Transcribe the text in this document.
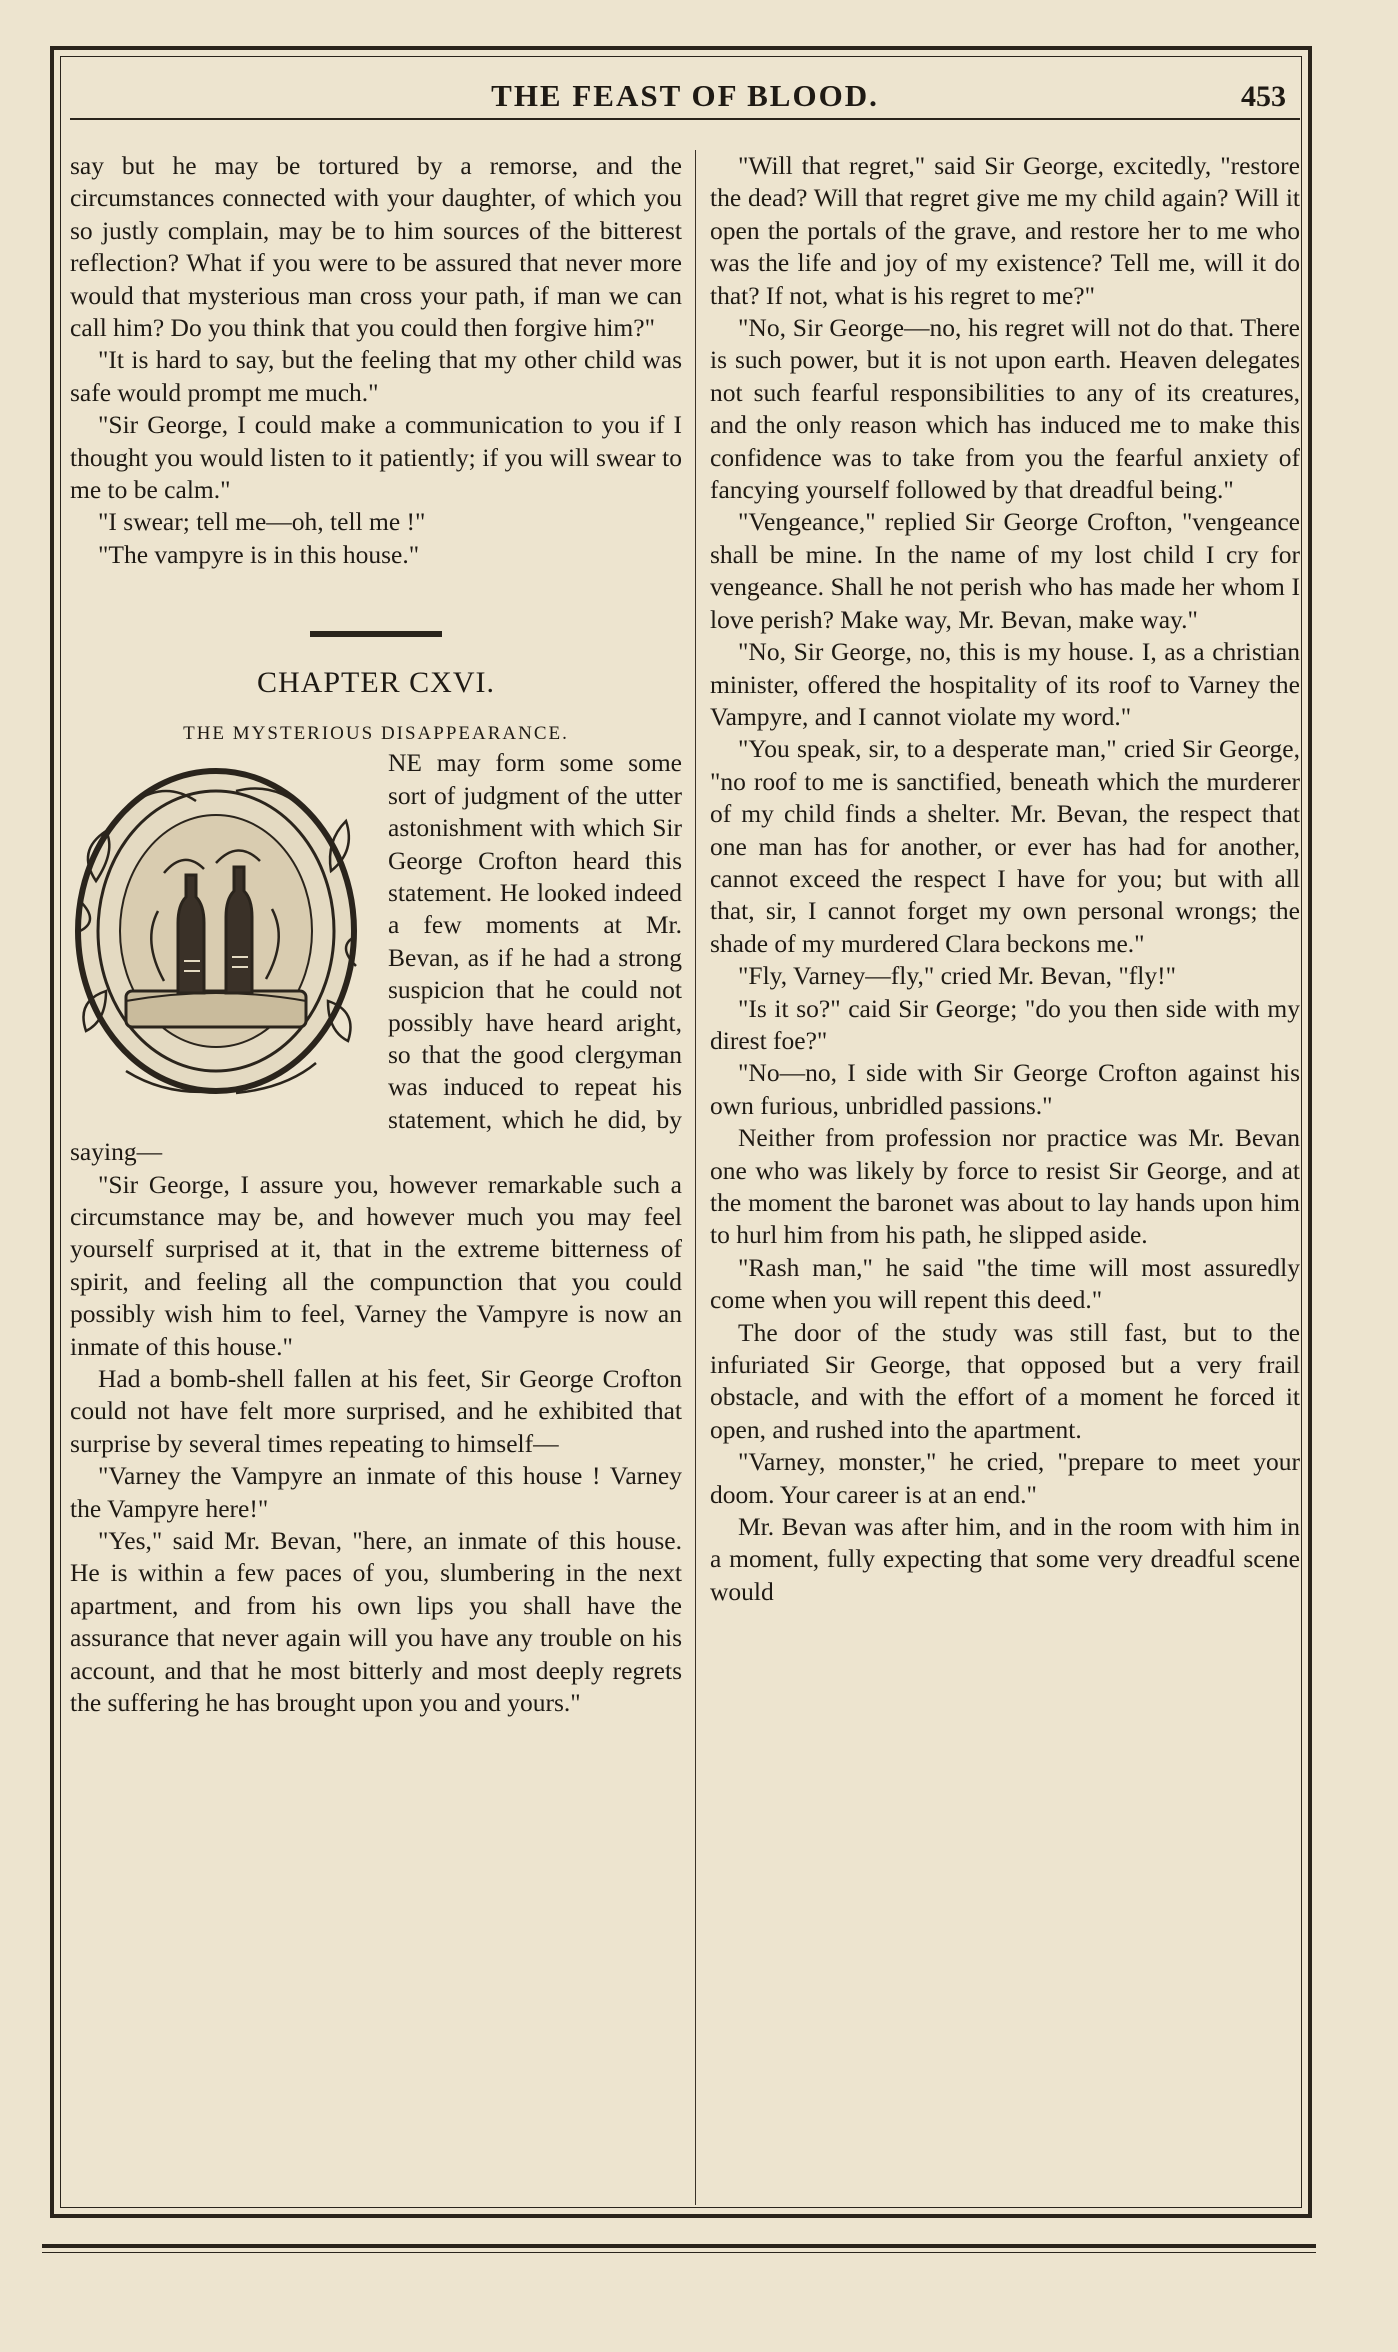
THE FEAST OF BLOOD.	453

say but he may be tortured by a remorse, and the circumstances connected with your daughter, of which you so justly complain, may be to him sources of the bitterest reflection? What if you were to be assured that never more would that mysterious man cross your path, if man we can call him? Do you think that you could then forgive him?"

"It is hard to say, but the feeling that my other child was safe would prompt me much."

"Sir George, I could make a communication to you if I thought you would listen to it patiently; if you will swear to me to be calm."

"I swear; tell me—oh, tell me !"

"The vampyre is in this house."

CHAPTER CXVI.
THE MYSTERIOUS DISAPPEARANCE.

NE may form some some sort of judgment of the utter astonishment with which Sir George Crofton heard this statement. He looked indeed a few moments at Mr. Bevan, as if he had a strong suspicion that he could not possibly have heard aright, so that the good clergyman was induced to repeat his statement, which he did, by saying—

"Sir George, I assure you, however remarkable such a circumstance may be, and however much you may feel yourself surprised at it, that in the extreme bitterness of spirit, and feeling all the compunction that you could possibly wish him to feel, Varney the Vampyre is now an inmate of this house."

Had a bomb-shell fallen at his feet, Sir George Crofton could not have felt more surprised, and he exhibited that surprise by several times repeating to himself—

"Varney the Vampyre an inmate of this house ! Varney the Vampyre here!"

"Yes," said Mr. Bevan, "here, an inmate of this house. He is within a few paces of you, slumbering in the next apartment, and from his own lips you shall have the assurance that never again will you have any trouble on his account, and that he most bitterly and most deeply regrets the suffering he has brought upon you and yours."

"Will that regret," said Sir George, excitedly, "restore the dead? Will that regret give me my child again? Will it open the portals of the grave, and restore her to me who was the life and joy of my existence? Tell me, will it do that? If not, what is his regret to me?"

"No, Sir George—no, his regret will not do that. There is such power, but it is not upon earth. Heaven delegates not such fearful responsibilities to any of its creatures, and the only reason which has induced me to make this confidence was to take from you the fearful anxiety of fancying yourself followed by that dreadful being."

"Vengeance," replied Sir George Crofton, "vengeance shall be mine. In the name of my lost child I cry for vengeance. Shall he not perish who has made her whom I love perish? Make way, Mr. Bevan, make way."

"No, Sir George, no, this is my house. I, as a christian minister, offered the hospitality of its roof to Varney the Vampyre, and I cannot violate my word."

"You speak, sir, to a desperate man," cried Sir George, "no roof to me is sanctified, beneath which the murderer of my child finds a shelter. Mr. Bevan, the respect that one man has for another, or ever has had for another, cannot exceed the respect I have for you; but with all that, sir, I cannot forget my own personal wrongs; the shade of my murdered Clara beckons me."

"Fly, Varney—fly," cried Mr. Bevan, "fly!"

"Is it so?" caid Sir George; "do you then side with my direst foe?"

"No—no, I side with Sir George Crofton against his own furious, unbridled passions."

Neither from profession nor practice was Mr. Bevan one who was likely by force to resist Sir George, and at the moment the baronet was about to lay hands upon him to hurl him from his path, he slipped aside.

"Rash man," he said "the time will most assuredly come when you will repent this deed."

The door of the study was still fast, but to the infuriated Sir George, that opposed but a very frail obstacle, and with the effort of a moment he forced it open, and rushed into the apartment.

"Varney, monster," he cried, "prepare to meet your doom. Your career is at an end."

Mr. Bevan was after him, and in the room with him in a moment, fully expecting that some very dreadful scene would
